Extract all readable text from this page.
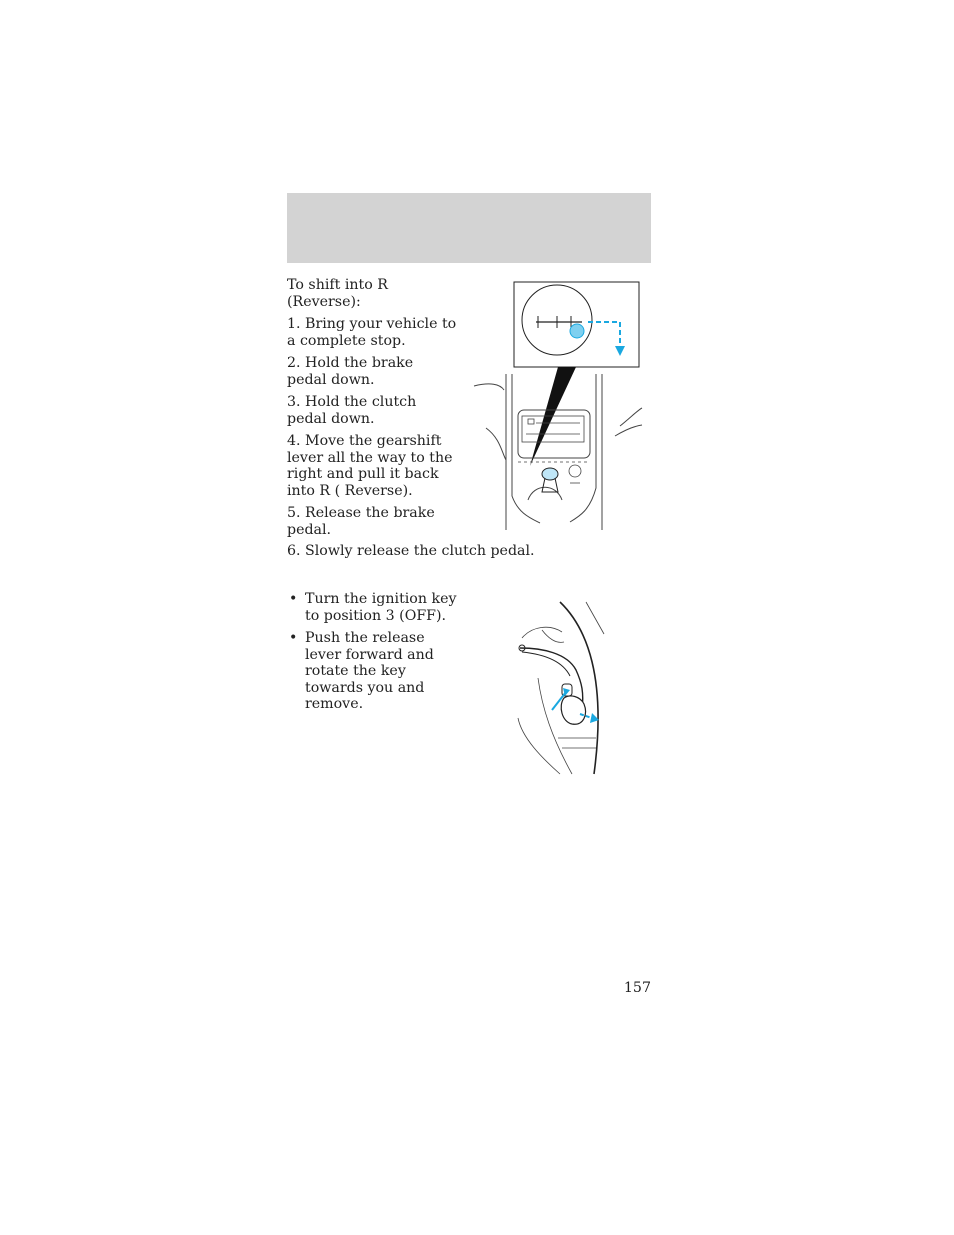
To shift into R (Reverse):

1. Bring your vehicle to a complete stop.

2. Hold the brake pedal down.

3. Hold the clutch pedal down.

4. Move the gearshift lever all the way to the right and pull it back into R ( Reverse).

5. Release the brake pedal.

6. Slowly release the clutch pedal.

• Turn the ignition key to position 3 (OFF).
• Push the release lever forward and rotate the key towards you and remove.
157
